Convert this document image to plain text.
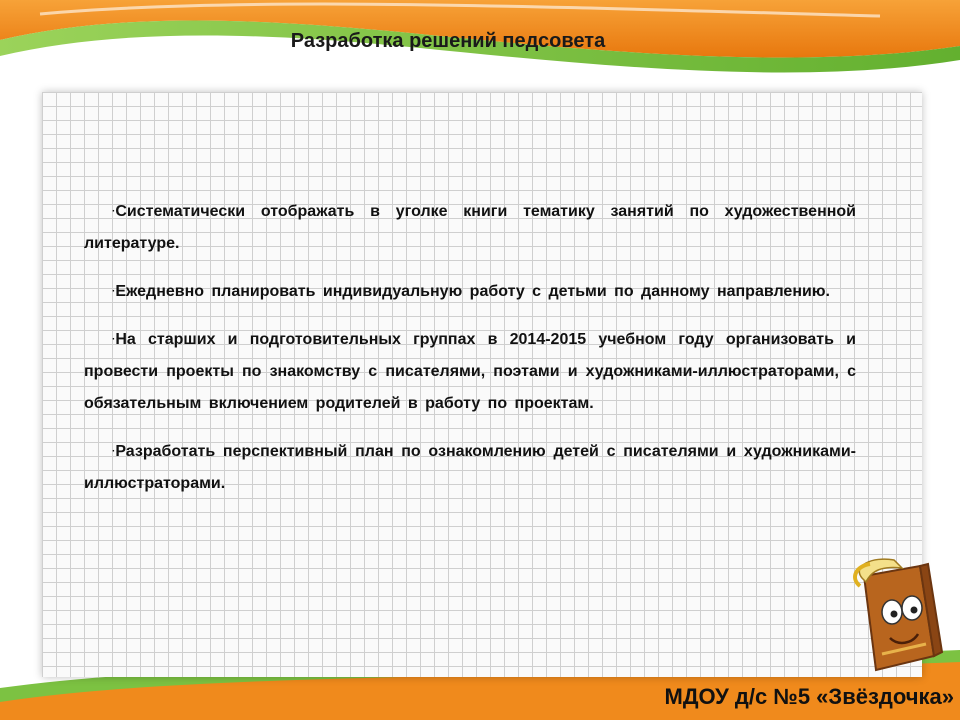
Разработка решений педсовета

·Систематически отображать в уголке книги тематику занятий по художественной литературе.

·Ежедневно планировать индивидуальную работу с детьми по данному направлению.

·На старших и подготовительных группах в 2014-2015 учебном году организовать и провести проекты по знакомству с писателями, поэтами и художниками-иллюстраторами, с обязательным включением родителей в работу по проектам.

·Разработать перспективный план по ознакомлению детей с писателями и художниками-иллюстраторами.

МДОУ д/с №5 «Звёздочка»
